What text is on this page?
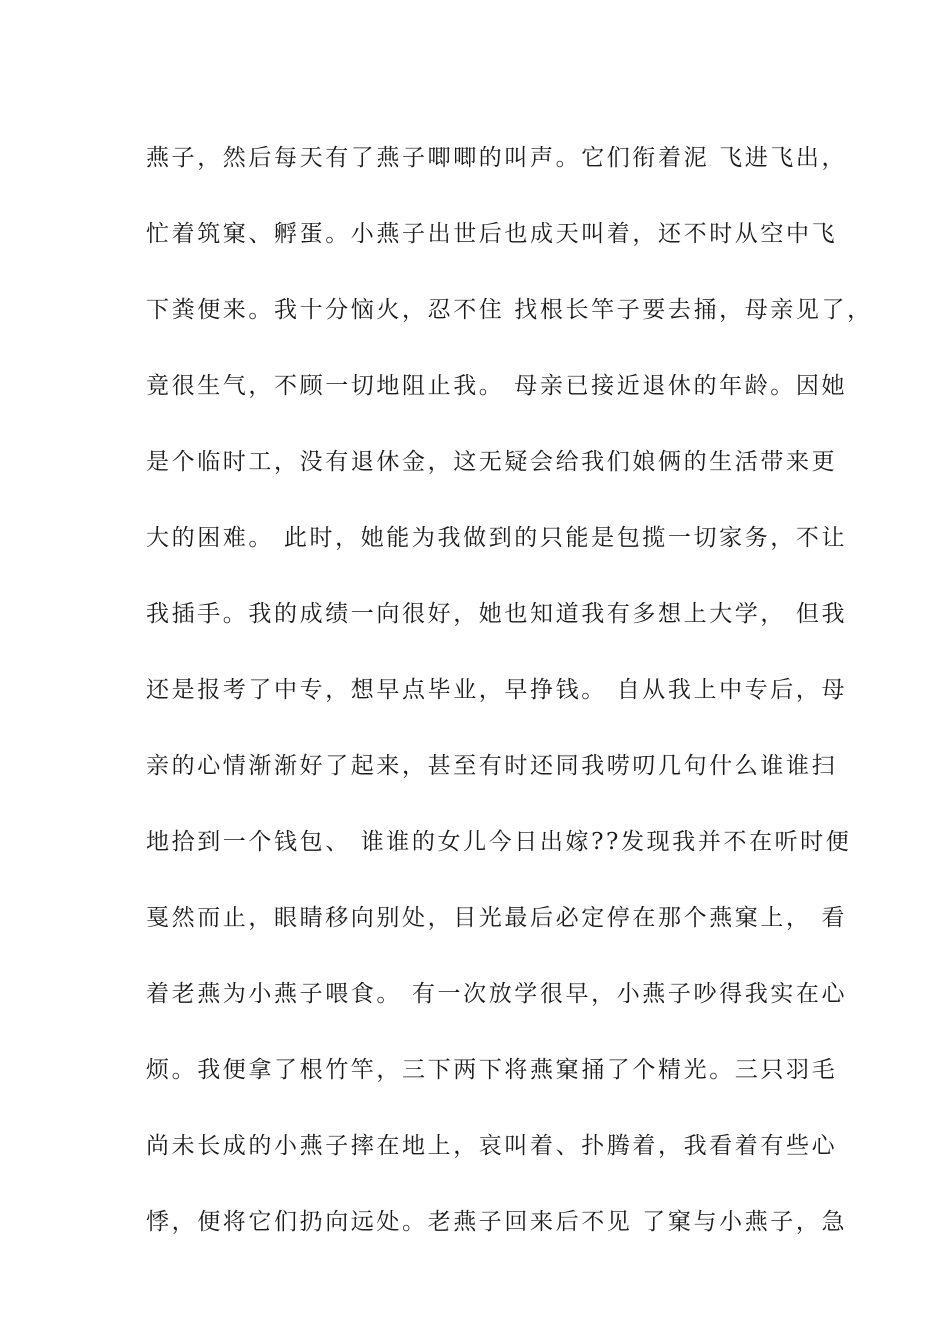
燕子，然后每天有了燕子唧唧的叫声。它们衔着泥 飞进飞出，
忙着筑窠、孵蛋。小燕子出世后也成天叫着，还不时从空中飞
下粪便来。我十分恼火，忍不住 找根长竿子要去捅，母亲见了，
竟很生气，不顾一切地阻止我。 母亲已接近退休的年龄。因她
是个临时工，没有退休金，这无疑会给我们娘俩的生活带来更
大的困难。 此时，她能为我做到的只能是包揽一切家务，不让
我插手。我的成绩一向很好，她也知道我有多想上大学， 但我
还是报考了中专，想早点毕业，早挣钱。 自从我上中专后，母
亲的心情渐渐好了起来，甚至有时还同我唠叨几句什么谁谁扫
地拾到一个钱包、 谁谁的女儿今日出嫁??发现我并不在听时便
戛然而止，眼睛移向别处，目光最后必定停在那个燕窠上， 看
着老燕为小燕子喂食。 有一次放学很早，小燕子吵得我实在心
烦。我便拿了根竹竿，三下两下将燕窠捅了个精光。三只羽毛
尚未长成的小燕子摔在地上，哀叫着、扑腾着，我看着有些心
悸，便将它们扔向远处。老燕子回来后不见 了窠与小燕子，急
